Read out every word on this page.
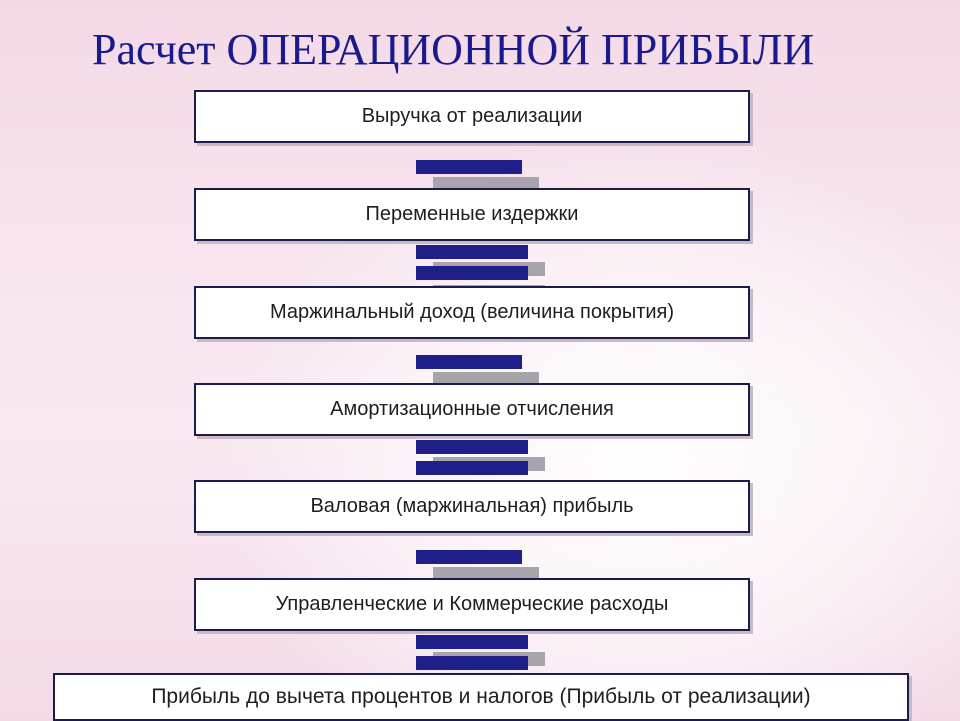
Расчет ОПЕРАЦИОННОЙ ПРИБЫЛИ
Выручка от реализации
Переменные издержки
Маржинальный доход (величина покрытия)
Амортизационные отчисления
Валовая (маржинальная) прибыль
Управленческие и Коммерческие расходы
Прибыль до вычета процентов и налогов (Прибыль от реализации)
